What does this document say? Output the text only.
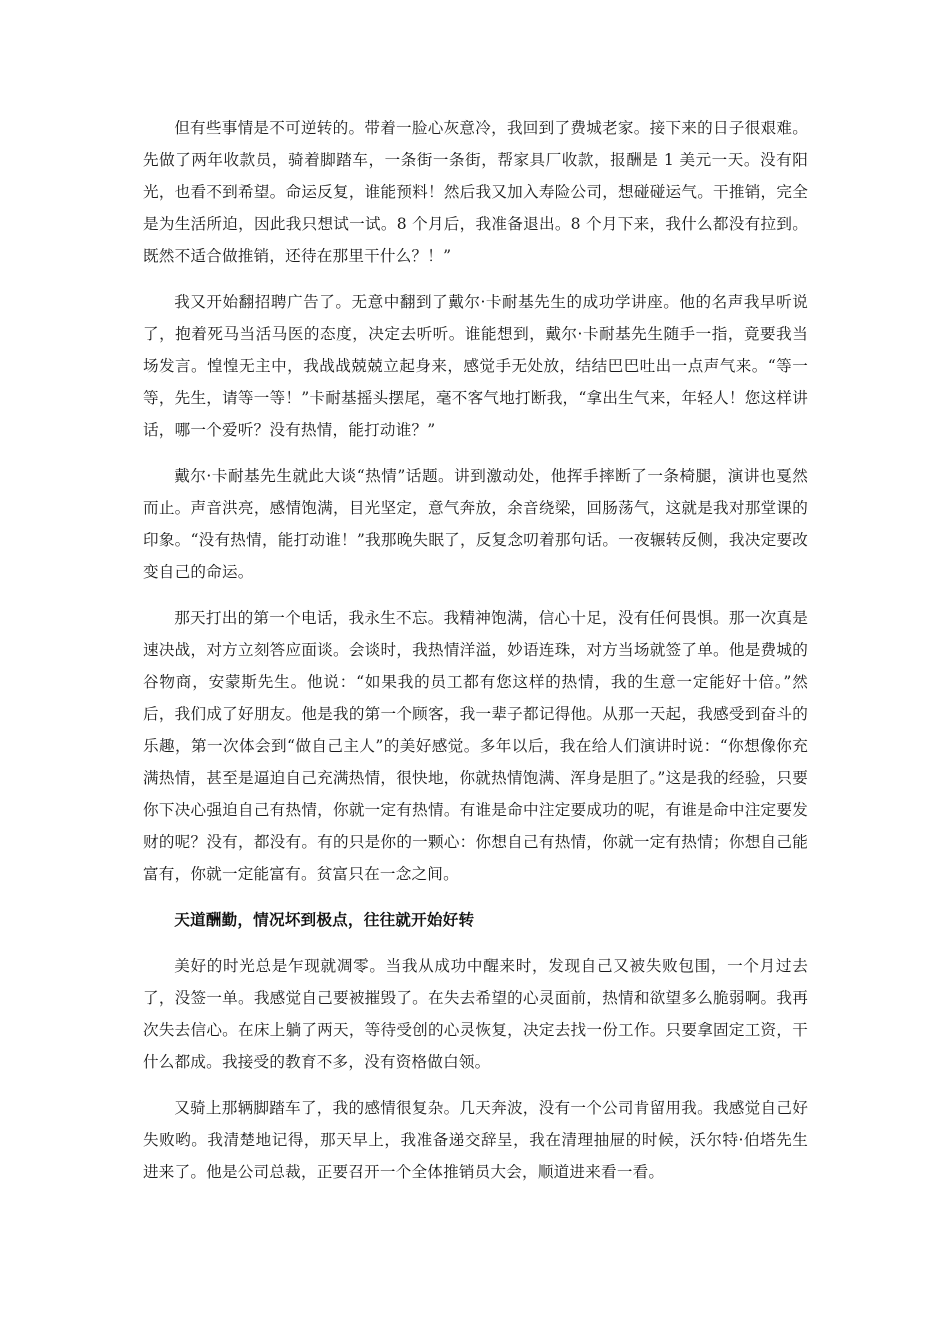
但有些事情是不可逆转的。带着一脸心灰意冷，我回到了费城老家。接下来的日子很艰难。先做了两年收款员，骑着脚踏车，一条街一条街，帮家具厂收款，报酬是 1 美元一天。没有阳光，也看不到希望。命运反复，谁能预料！然后我又加入寿险公司，想碰碰运气。干推销，完全是为生活所迫，因此我只想试一试。8 个月后，我准备退出。8 个月下来，我什么都没有拉到。既然不适合做推销，还待在那里干什么？！”

我又开始翻招聘广告了。无意中翻到了戴尔·卡耐基先生的成功学讲座。他的名声我早听说了，抱着死马当活马医的态度，决定去听听。谁能想到，戴尔·卡耐基先生随手一指，竟要我当场发言。惶惶无主中，我战战兢兢立起身来，感觉手无处放，结结巴巴吐出一点声气来。“等一等，先生，请等一等！”卡耐基摇头摆尾，毫不客气地打断我，“拿出生气来，年轻人！您这样讲话，哪一个爱听？没有热情，能打动谁？”

戴尔·卡耐基先生就此大谈“热情”话题。讲到激动处，他挥手摔断了一条椅腿，演讲也戛然而止。声音洪亮，感情饱满，目光坚定，意气奔放，余音绕梁，回肠荡气，这就是我对那堂课的印象。“没有热情，能打动谁！”我那晚失眠了，反复念叨着那句话。一夜辗转反侧，我决定要改变自己的命运。

那天打出的第一个电话，我永生不忘。我精神饱满，信心十足，没有任何畏惧。那一次真是速决战，对方立刻答应面谈。会谈时，我热情洋溢，妙语连珠，对方当场就签了单。他是费城的谷物商，安蒙斯先生。他说：“如果我的员工都有您这样的热情，我的生意一定能好十倍。”然后，我们成了好朋友。他是我的第一个顾客，我一辈子都记得他。从那一天起，我感受到奋斗的乐趣，第一次体会到“做自己主人”的美好感觉。多年以后，我在给人们演讲时说：“你想像你充满热情，甚至是逼迫自己充满热情，很快地，你就热情饱满、浑身是胆了。”这是我的经验，只要你下决心强迫自己有热情，你就一定有热情。有谁是命中注定要成功的呢，有谁是命中注定要发财的呢？没有，都没有。有的只是你的一颗心：你想自己有热情，你就一定有热情；你想自己能富有，你就一定能富有。贫富只在一念之间。

天道酬勤，情况坏到极点，往往就开始好转

美好的时光总是乍现就凋零。当我从成功中醒来时，发现自己又被失败包围，一个月过去了，没签一单。我感觉自己要被摧毁了。在失去希望的心灵面前，热情和欲望多么脆弱啊。我再次失去信心。在床上躺了两天，等待受创的心灵恢复，决定去找一份工作。只要拿固定工资，干什么都成。我接受的教育不多，没有资格做白领。

又骑上那辆脚踏车了，我的感情很复杂。几天奔波，没有一个公司肯留用我。我感觉自己好失败哟。我清楚地记得，那天早上，我准备递交辞呈，我在清理抽屉的时候，沃尔特·伯塔先生进来了。他是公司总裁，正要召开一个全体推销员大会，顺道进来看一看。
